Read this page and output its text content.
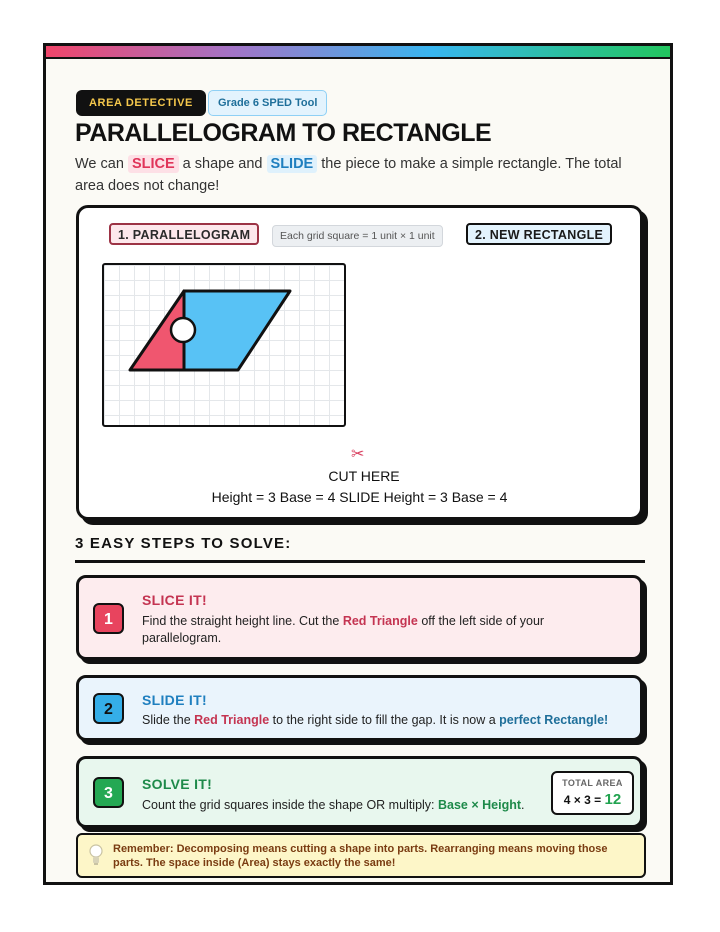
AREA DETECTIVE	Grade 6 SPED Tool
PARALLELOGRAM TO RECTANGLE

We can SLICE a shape and SLIDE the piece to make a simple rectangle. The total area does not change!

1. PARALLELOGRAM	Each grid square = 1 unit × 1 unit	2. NEW RECTANGLE
✂
CUT HERE
Height = 3 Base = 4 SLIDE Height = 3 Base = 4
3 EASY STEPS TO SOLVE:
1
SLICE IT!

Find the straight height line. Cut the Red Triangle off the left side of your parallelogram.

2
SLIDE IT!

Slide the Red Triangle to the right side to fill the gap. It is now a perfect Rectangle!

3
SOLVE IT!

Count the grid squares inside the shape OR multiply: Base × Height.

TOTAL AREA
4 × 3 = 12

Remember: Decomposing means cutting a shape into parts. Rearranging means moving those parts. The space inside (Area) stays exactly the same!
